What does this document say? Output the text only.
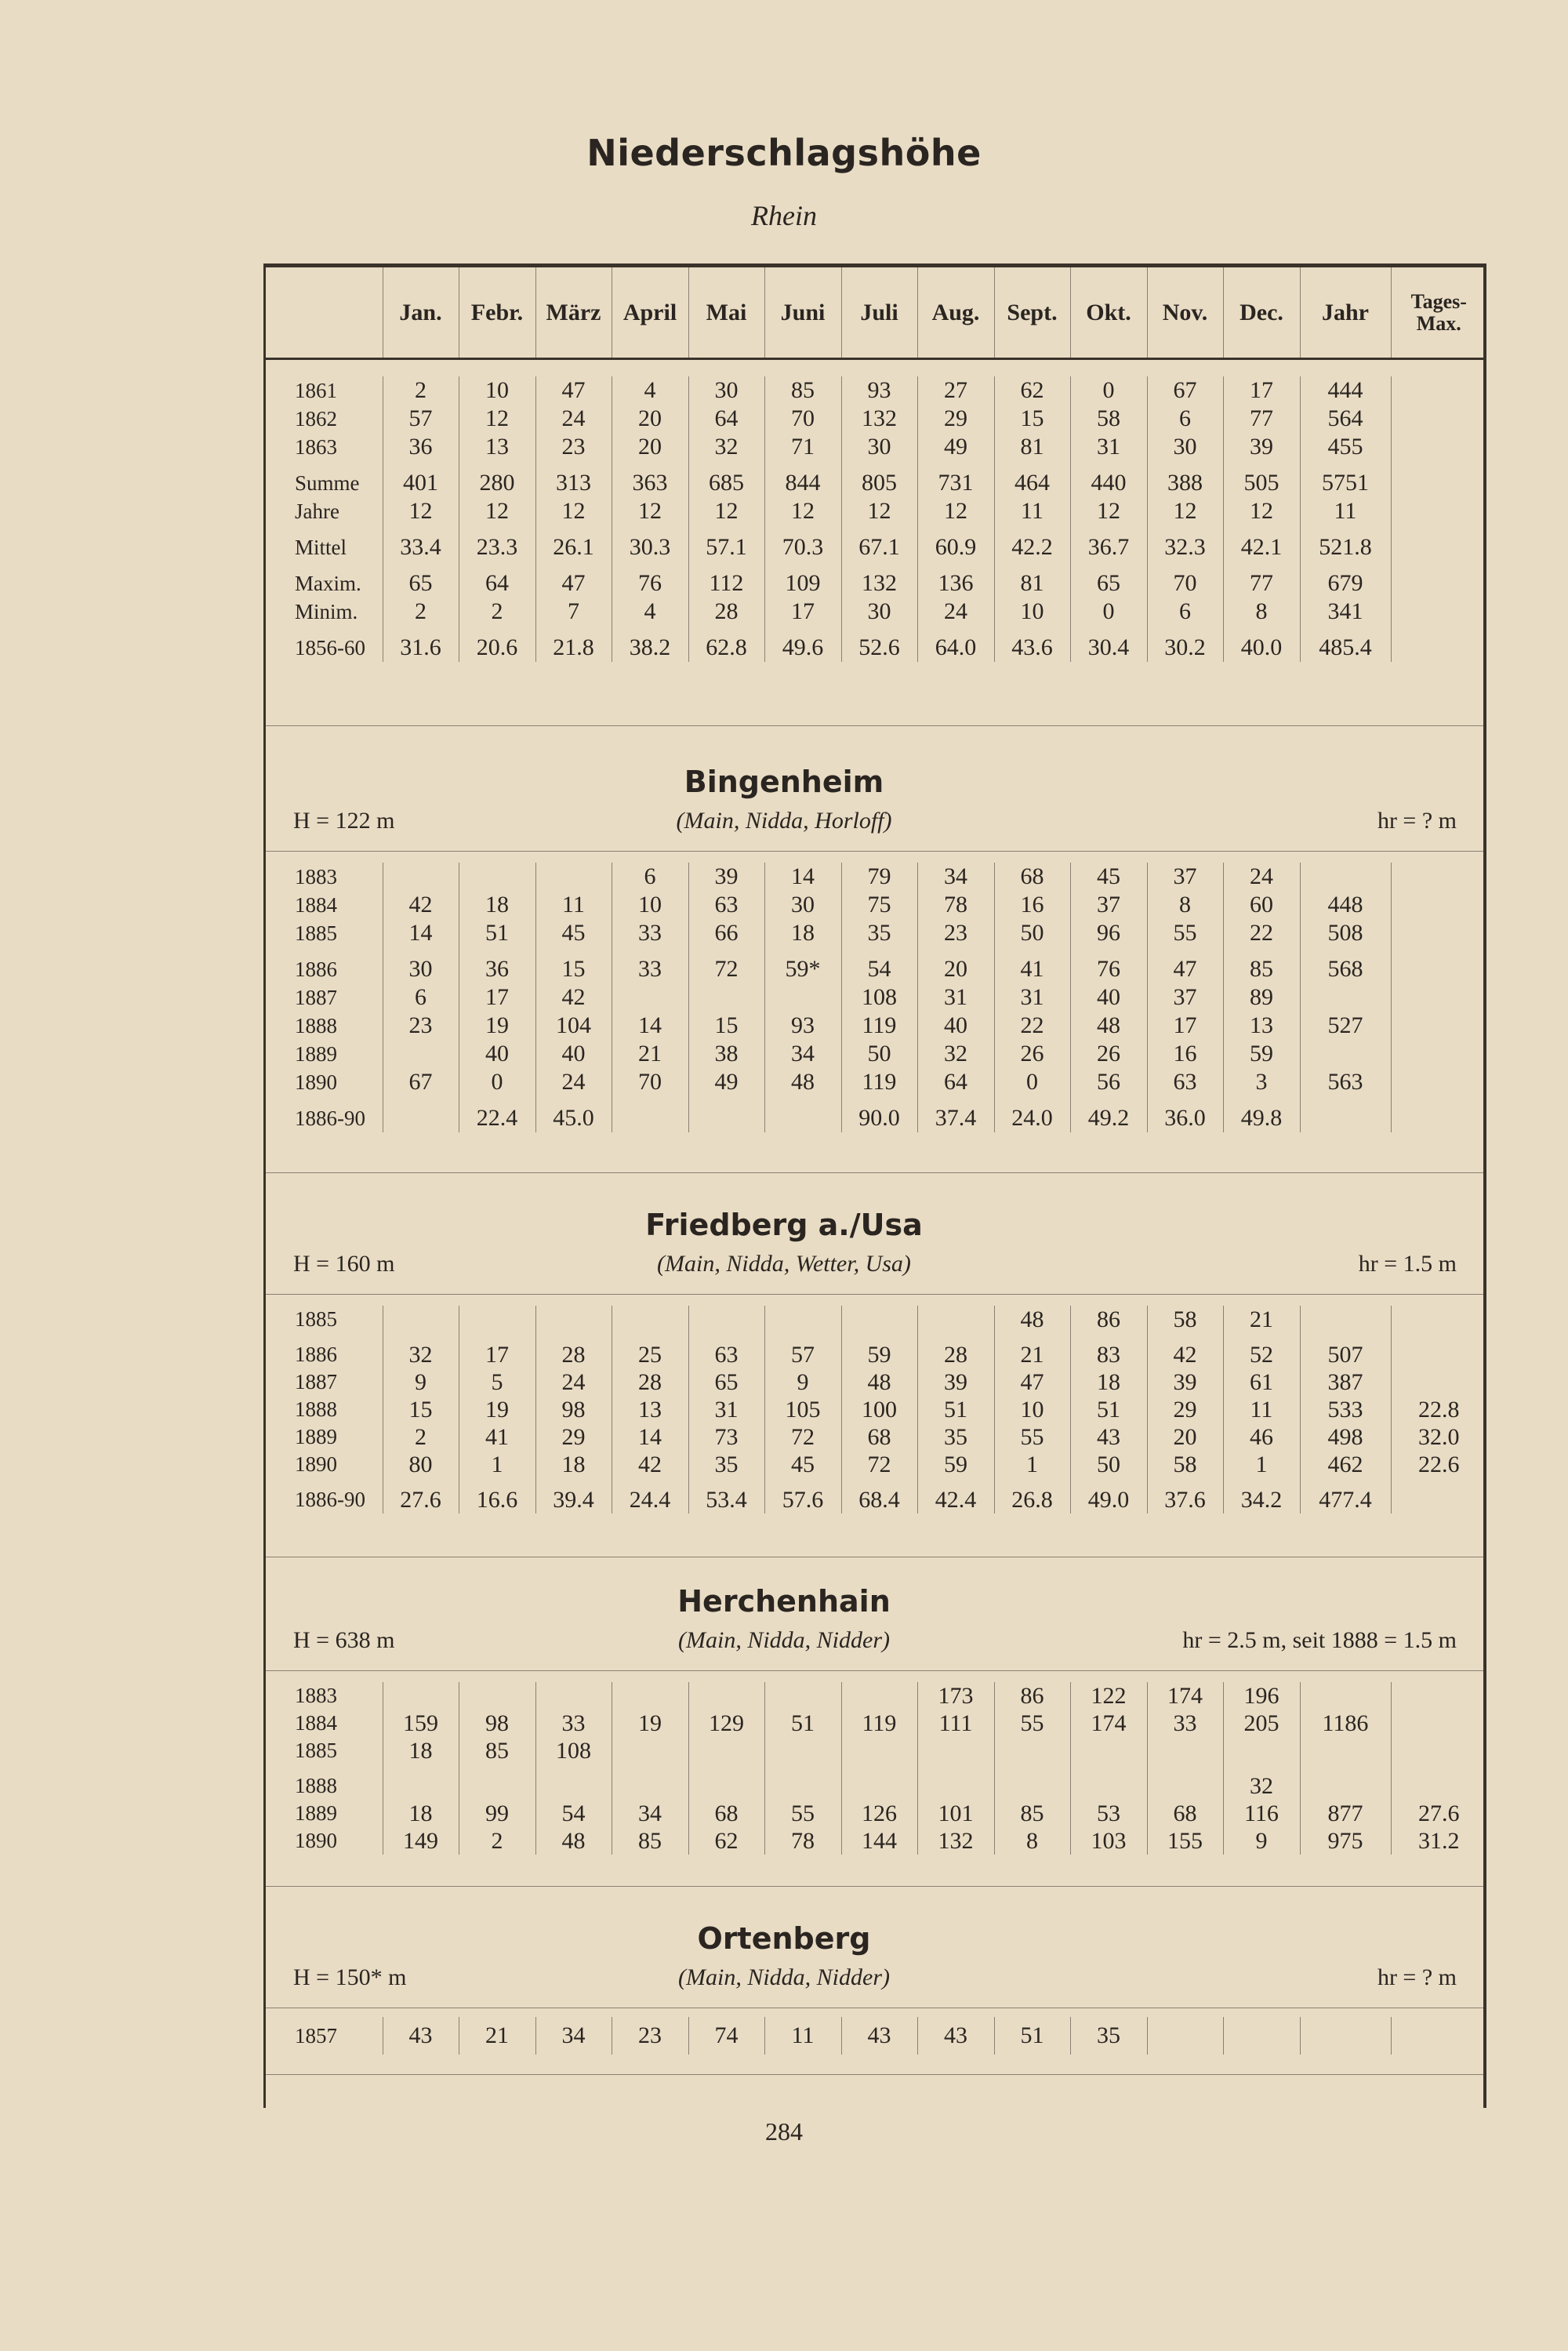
Niederschlagshöhe
Rhein
	Jan.	Febr.	März	April	Mai	Juni	Juli	Aug.	Sept.	Okt.	Nov.	Dec.	Jahr	Tages-Max.
1861	2	10	47	4	30	85	93	27	62	0	67	17	444	
1862	57	12	24	20	64	70	132	29	15	58	6	77	564	
1863	36	13	23	20	32	71	30	49	81	31	30	39	455	

Summe	401	280	313	363	685	844	805	731	464	440	388	505	5751	
Jahre	12	12	12	12	12	12	12	12	11	12	12	12	11	

Mittel	33.4	23.3	26.1	30.3	57.1	70.3	67.1	60.9	42.2	36.7	32.3	42.1	521.8	

Maxim.	65	64	47	76	112	109	132	136	81	65	70	77	679	
Minim.	2	2	7	4	28	17	30	24	10	0	6	8	341	

1856-60	31.6	20.6	21.8	38.2	62.8	49.6	52.6	64.0	43.6	30.4	30.2	40.0	485.4	
Bingenheim
(Main, Nidda, Horloff)
H = 122 m	hr = ? m
1883				6	39	14	79	34	68	45	37	24		
1884	42	18	11	10	63	30	75	78	16	37	8	60	448	
1885	14	51	45	33	66	18	35	23	50	96	55	22	508	

1886	30	36	15	33	72	59*	54	20	41	76	47	85	568	
1887	6	17	42				108	31	31	40	37	89		
1888	23	19	104	14	15	93	119	40	22	48	17	13	527	
1889		40	40	21	38	34	50	32	26	26	16	59		
1890	67	0	24	70	49	48	119	64	0	56	63	3	563	

1886-90		22.4	45.0				90.0	37.4	24.0	49.2	36.0	49.8		
Friedberg a./Usa
(Main, Nidda, Wetter, Usa)
H = 160 m	hr = 1.5 m
1885									48	86	58	21		

1886	32	17	28	25	63	57	59	28	21	83	42	52	507	
1887	9	5	24	28	65	9	48	39	47	18	39	61	387	
1888	15	19	98	13	31	105	100	51	10	51	29	11	533	22.8
1889	2	41	29	14	73	72	68	35	55	43	20	46	498	32.0
1890	80	1	18	42	35	45	72	59	1	50	58	1	462	22.6

1886-90	27.6	16.6	39.4	24.4	53.4	57.6	68.4	42.4	26.8	49.0	37.6	34.2	477.4	
Herchenhain
(Main, Nidda, Nidder)
H = 638 m	hr = 2.5 m, seit 1888 = 1.5 m
1883								173	86	122	174	196		
1884	159	98	33	19	129	51	119	111	55	174	33	205	1186	
1885	18	85	108											

1888												32		
1889	18	99	54	34	68	55	126	101	85	53	68	116	877	27.6
1890	149	2	48	85	62	78	144	132	8	103	155	9	975	31.2
Ortenberg
(Main, Nidda, Nidder)
H = 150* m	hr = ? m
1857	43	21	34	23	74	11	43	43	51	35				
284
